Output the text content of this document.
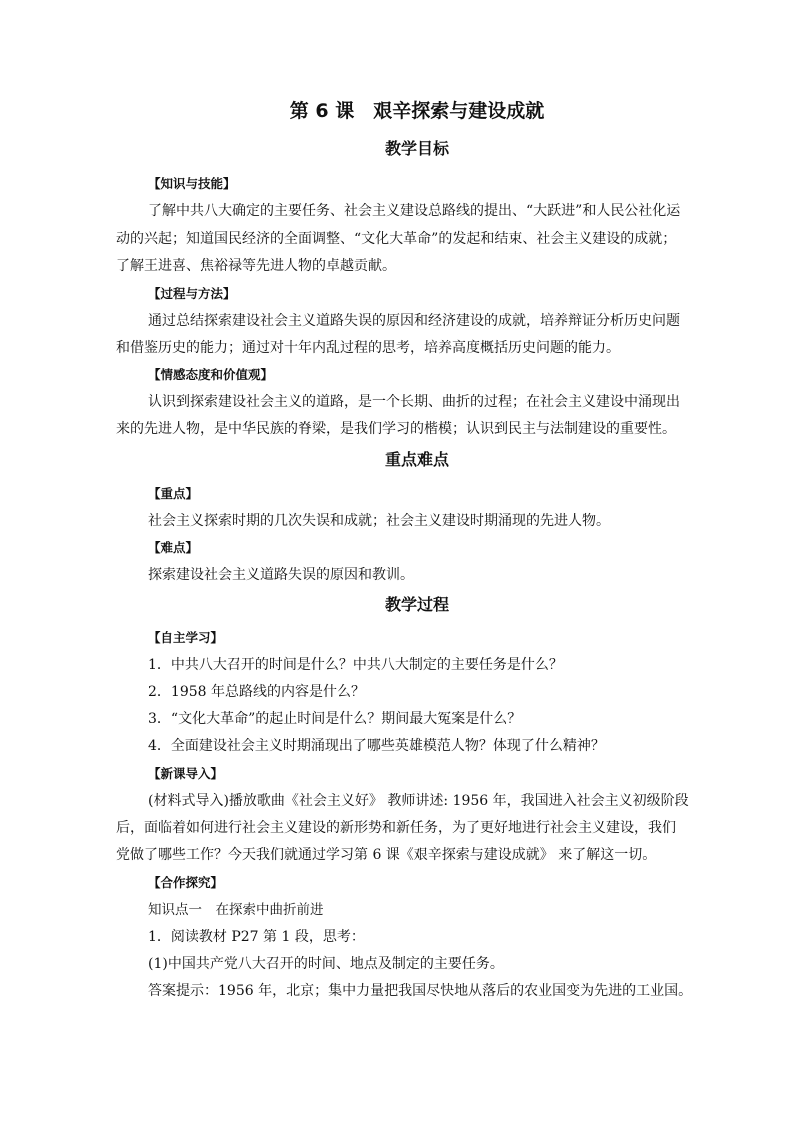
第 6 课　艰辛探索与建设成就
教学目标
【知识与技能】
了解中共八大确定的主要任务、社会主义建设总路线的提出、“大跃进”和人民公社化运
动的兴起；知道国民经济的全面调整、“文化大革命”的发起和结束、社会主义建设的成就；
了解王进喜、焦裕禄等先进人物的卓越贡献。
【过程与方法】
通过总结探索建设社会主义道路失误的原因和经济建设的成就，培养辩证分析历史问题
和借鉴历史的能力；通过对十年内乱过程的思考，培养高度概括历史问题的能力。
【情感态度和价值观】
认识到探索建设社会主义的道路，是一个长期、曲折的过程；在社会主义建设中涌现出
来的先进人物，是中华民族的脊梁，是我们学习的楷模；认识到民主与法制建设的重要性。
重点难点
【重点】
社会主义探索时期的几次失误和成就；社会主义建设时期涌现的先进人物。
【难点】
探索建设社会主义道路失误的原因和教训。
教学过程
【自主学习】
1．中共八大召开的时间是什么？中共八大制定的主要任务是什么？
2．1958 年总路线的内容是什么？
3．“文化大革命”的起止时间是什么？期间最大冤案是什么？
4．全面建设社会主义时期涌现出了哪些英雄模范人物？体现了什么精神？
【新课导入】
(材料式导入)播放歌曲《社会主义好》 教师讲述: 1956 年，我国进入社会主义初级阶段
后，面临着如何进行社会主义建设的新形势和新任务，为了更好地进行社会主义建设，我们
党做了哪些工作？今天我们就通过学习第 6 课《艰辛探索与建设成就》 来了解这一切。
【合作探究】
知识点一　在探索中曲折前进
1．阅读教材 P27 第 1 段，思考：
(1)中国共产党八大召开的时间、地点及制定的主要任务。
答案提示：1956 年，北京；集中力量把我国尽快地从落后的农业国变为先进的工业国。
